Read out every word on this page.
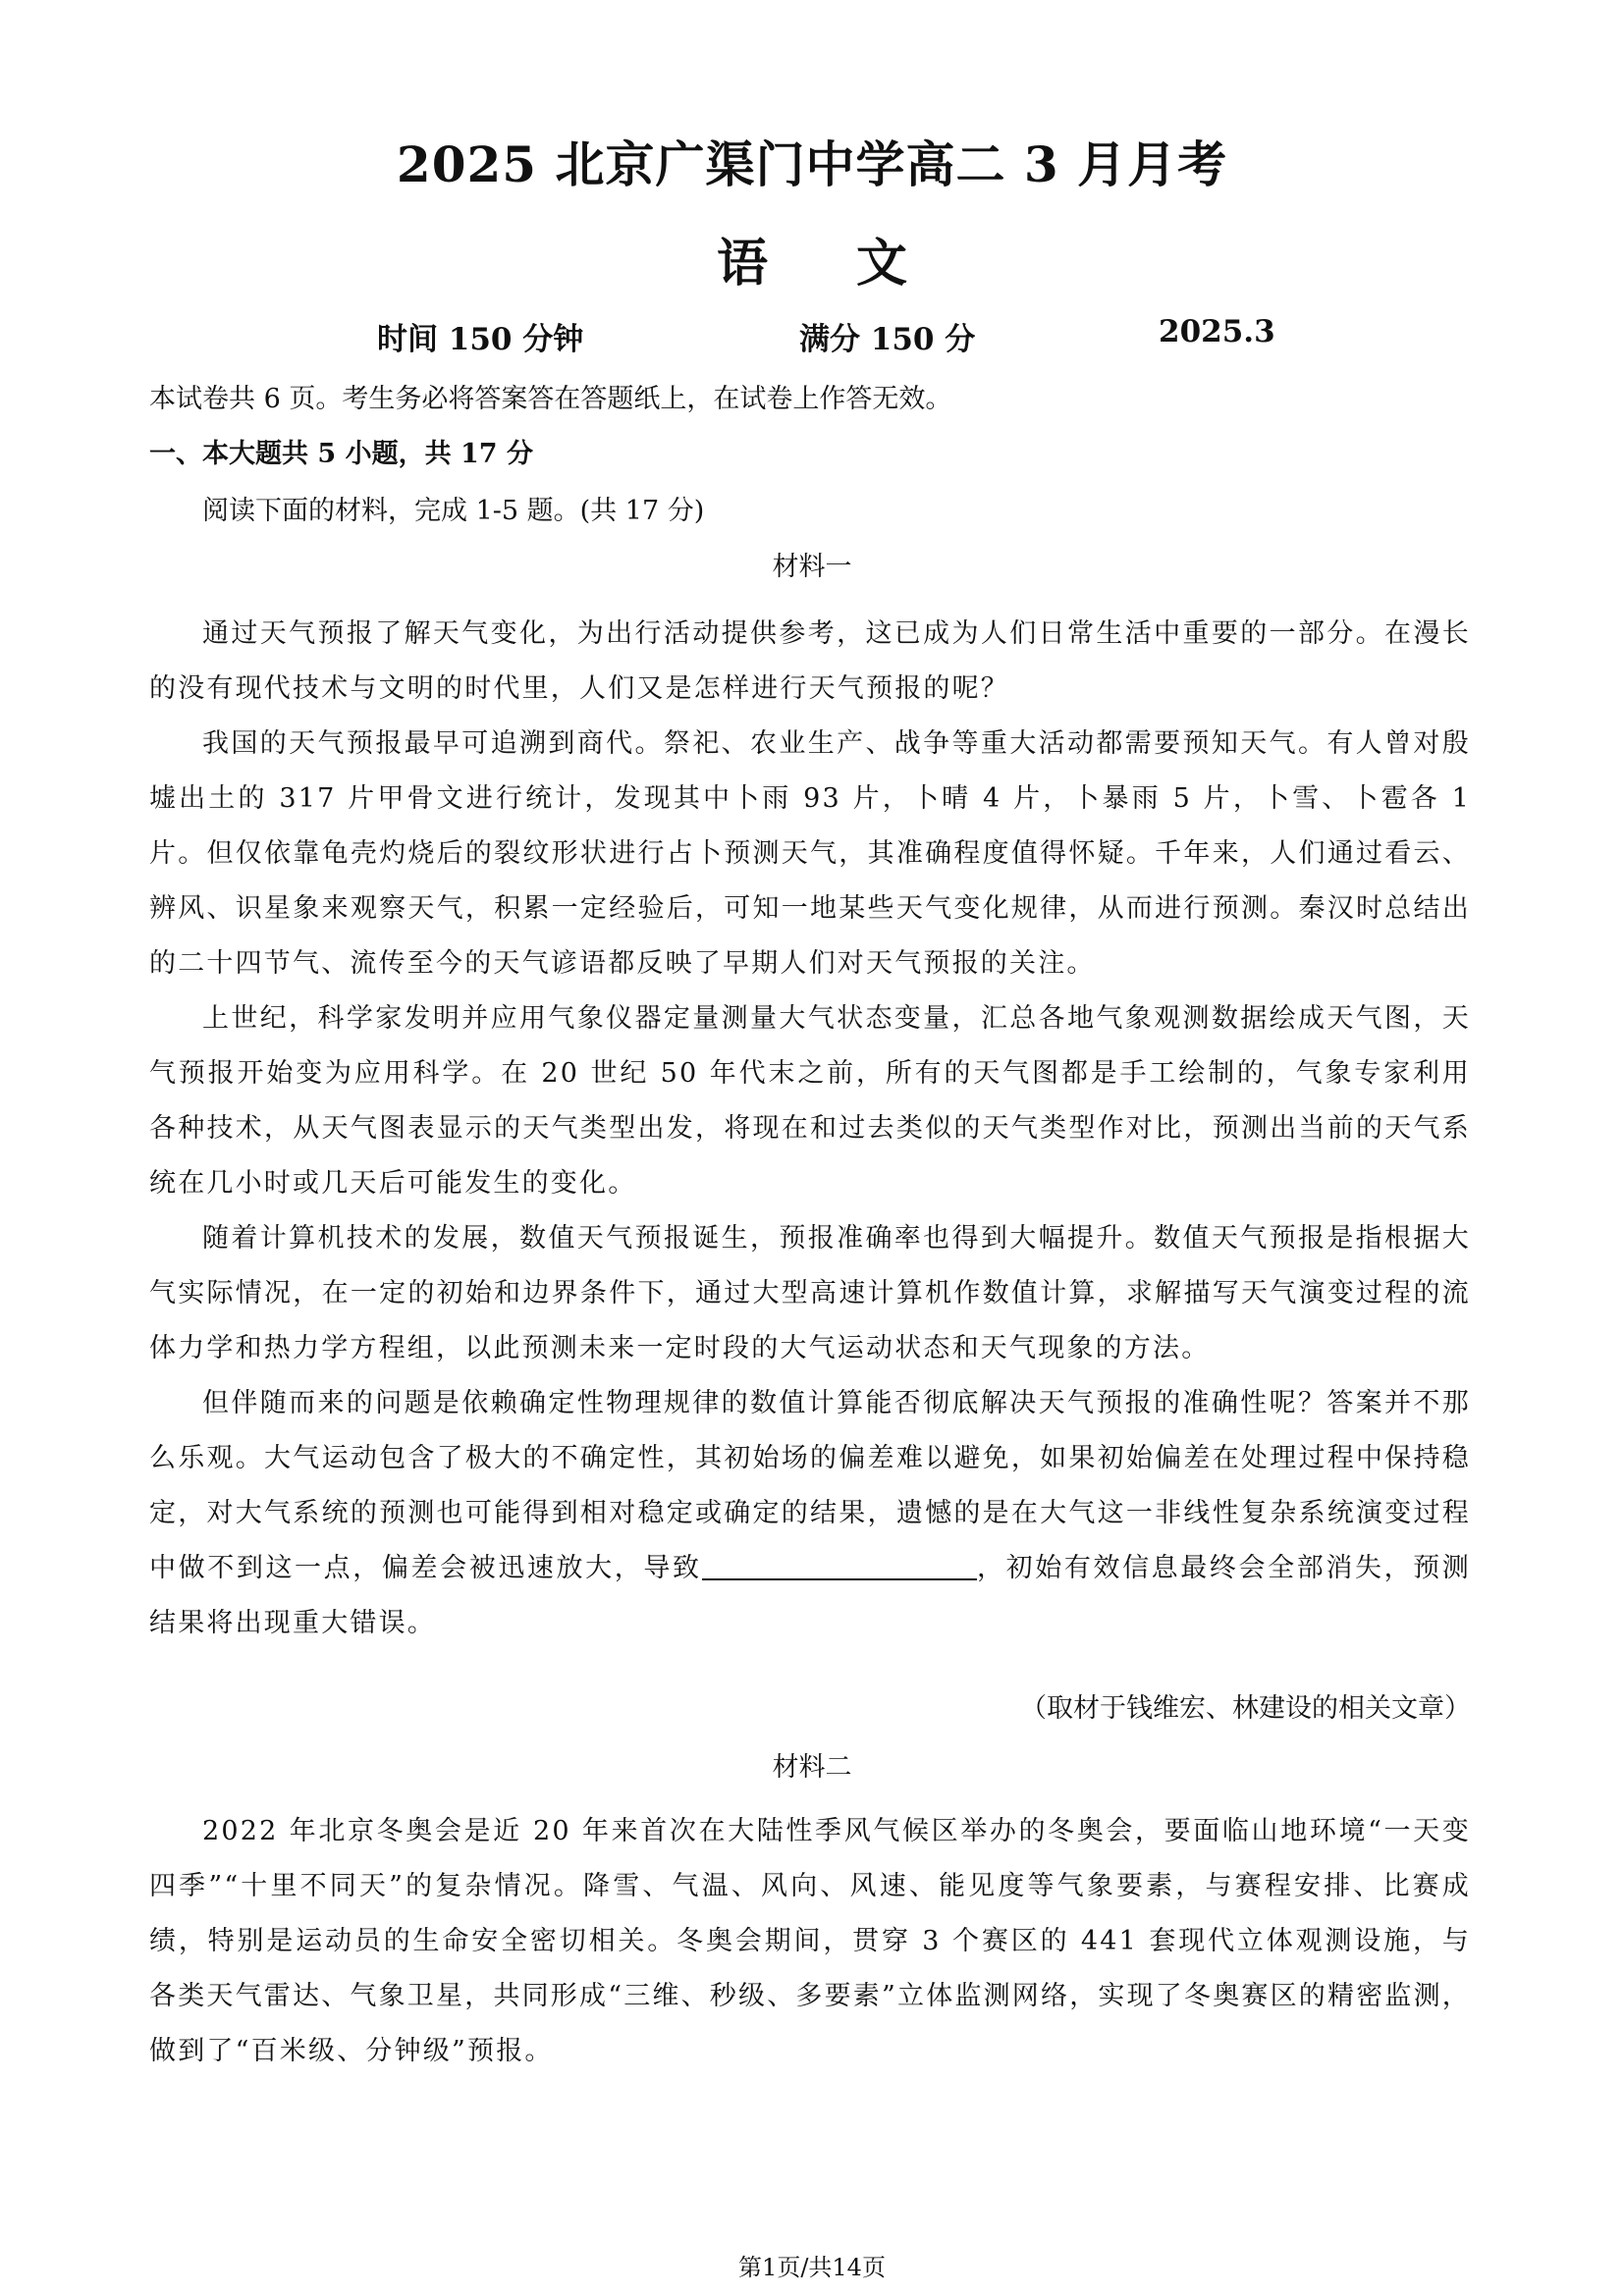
2025 北京广渠门中学高二 3 月月考
语文
时间 150 分钟	满分 150 分	2025.3
本试卷共 6 页。考生务必将答案答在答题纸上，在试卷上作答无效。
一、本大题共 5 小题，共 17 分
阅读下面的材料，完成 1-5 题。(共 17 分)
材料一

通过天气预报了解天气变化，为出行活动提供参考，这已成为人们日常生活中重要的一部分。在漫长的没有现代技术与文明的时代里，人们又是怎样进行天气预报的呢？

我国的天气预报最早可追溯到商代。祭祀、农业生产、战争等重大活动都需要预知天气。有人曾对殷墟出土的 317 片甲骨文进行统计，发现其中卜雨 93 片，卜晴 4 片，卜暴雨 5 片，卜雪、卜雹各 1 片。但仅依靠龟壳灼烧后的裂纹形状进行占卜预测天气，其准确程度值得怀疑。千年来，人们通过看云、辨风、识星象来观察天气，积累一定经验后，可知一地某些天气变化规律，从而进行预测。秦汉时总结出的二十四节气、流传至今的天气谚语都反映了早期人们对天气预报的关注。

上世纪，科学家发明并应用气象仪器定量测量大气状态变量，汇总各地气象观测数据绘成天气图，天气预报开始变为应用科学。在 20 世纪 50 年代末之前，所有的天气图都是手工绘制的，气象专家利用各种技术，从天气图表显示的天气类型出发，将现在和过去类似的天气类型作对比，预测出当前的天气系统在几小时或几天后可能发生的变化。

随着计算机技术的发展，数值天气预报诞生，预报准确率也得到大幅提升。数值天气预报是指根据大气实际情况，在一定的初始和边界条件下，通过大型高速计算机作数值计算，求解描写天气演变过程的流体力学和热力学方程组，以此预测未来一定时段的大气运动状态和天气现象的方法。

但伴随而来的问题是依赖确定性物理规律的数值计算能否彻底解决天气预报的准确性呢？答案并不那么乐观。大气运动包含了极大的不确定性，其初始场的偏差难以避免，如果初始偏差在处理过程中保持稳定，对大气系统的预测也可能得到相对稳定或确定的结果，遗憾的是在大气这一非线性复杂系统演变过程中做不到这一点，偏差会被迅速放大，导致	，初始有效信息最终会全部消失，预测结果将出现重大错误。

（取材于钱维宏、林建设的相关文章）
材料二

2022 年北京冬奥会是近 20 年来首次在大陆性季风气候区举办的冬奥会，要面临山地环境“一天变四季”“十里不同天”的复杂情况。降雪、气温、风向、风速、能见度等气象要素，与赛程安排、比赛成绩，特别是运动员的生命安全密切相关。冬奥会期间，贯穿 3 个赛区的 441 套现代立体观测设施，与各类天气雷达、气象卫星，共同形成“三维、秒级、多要素”立体监测网络，实现了冬奥赛区的精密监测，做到了“百米级、分钟级”预报。

第1页/共14页
